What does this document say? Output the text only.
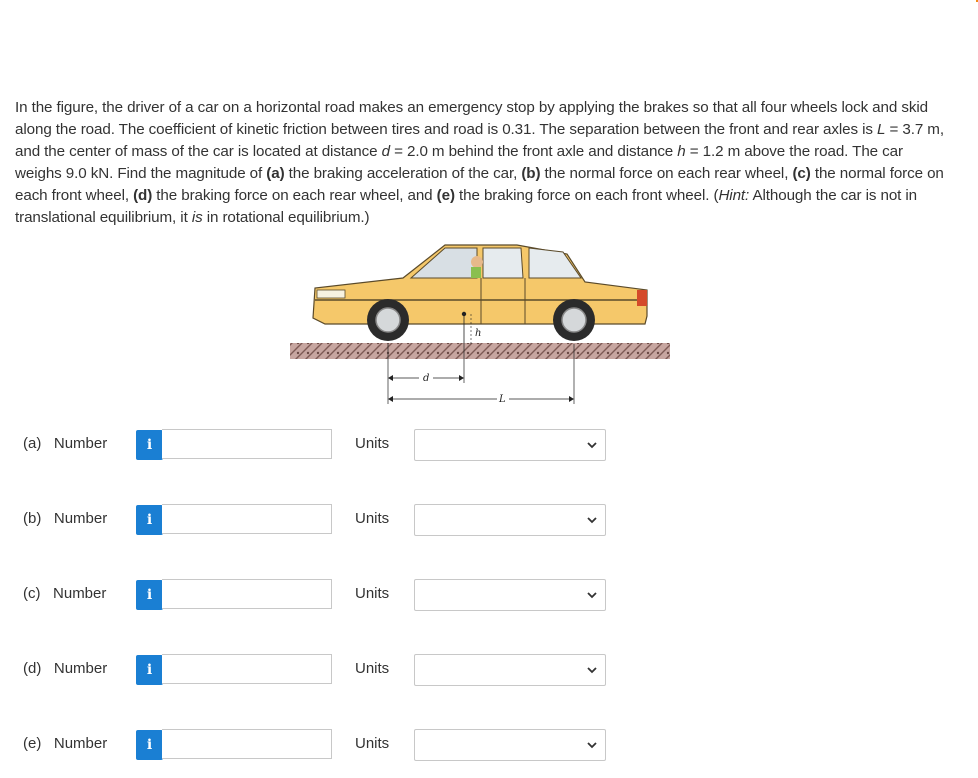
In the figure, the driver of a car on a horizontal road makes an emergency stop by applying the brakes so that all four wheels lock and skid along the road. The coefficient of kinetic friction between tires and road is 0.31. The separation between the front and rear axles is L = 3.7 m, and the center of mass of the car is located at distance d = 2.0 m behind the front axle and distance h = 1.2 m above the road. The car weighs 9.0 kN. Find the magnitude of (a) the braking acceleration of the car, (b) the normal force on each rear wheel, (c) the normal force on each front wheel, (d) the braking force on each rear wheel, and (e) the braking force on each front wheel. (Hint: Although the car is not in translational equilibrium, it is in rotational equilibrium.)

h
d
L
(a) Number	i	Units
(b) Number	i	Units
(c) Number	i	Units
(d) Number	i	Units
(e) Number	i	Units
